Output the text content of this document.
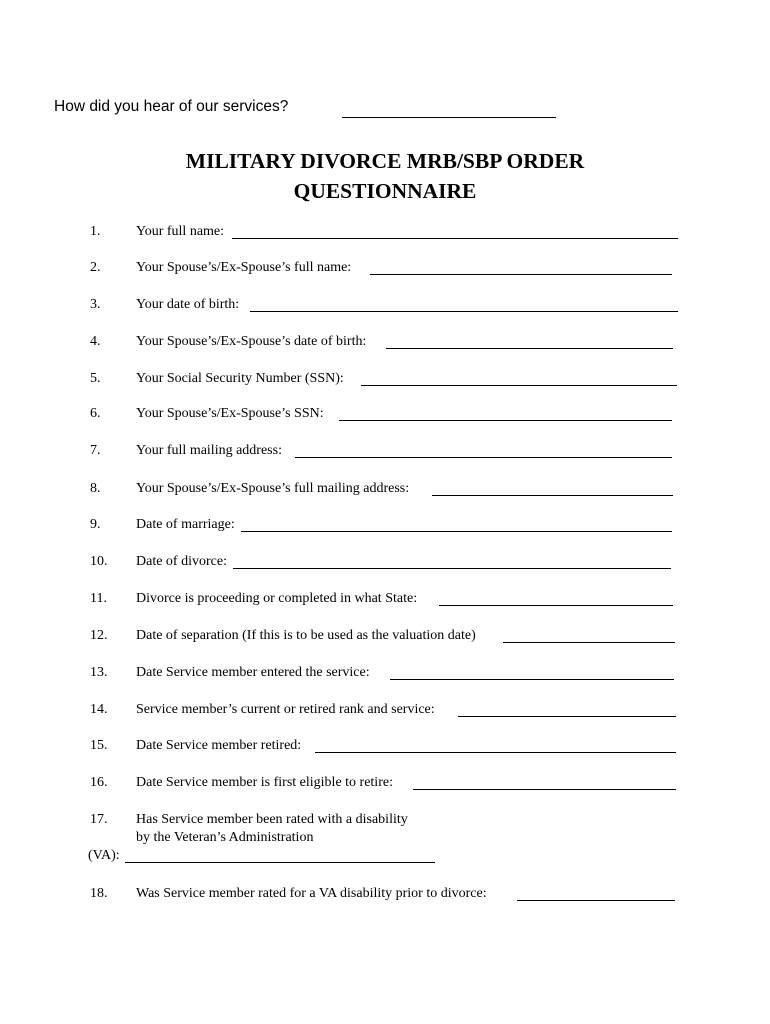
How did you hear of our services?
MILITARY DIVORCE MRB/SBP ORDER
QUESTIONNAIRE
1.	Your full name:
2.	Your Spouse’s/Ex-Spouse’s full name:
3.	Your date of birth:
4.	Your Spouse’s/Ex-Spouse’s date of birth:
5.	Your Social Security Number (SSN):
6.	Your Spouse’s/Ex-Spouse’s SSN:
7.	Your full mailing address:
8.	Your Spouse’s/Ex-Spouse’s full mailing address:
9.	Date of marriage:
10. Date of divorce:
11. Divorce is proceeding or completed in what State:
12. Date of separation (If this is to be used as the valuation date)
13. Date Service member entered the service:
14. Service member’s current or retired rank and service:
15. Date Service member retired:
16. Date Service member is first eligible to retire:
17. Has Service member been rated with a disability
by the Veteran’s Administration
(VA):
18. Was Service member rated for a VA disability prior to divorce:
